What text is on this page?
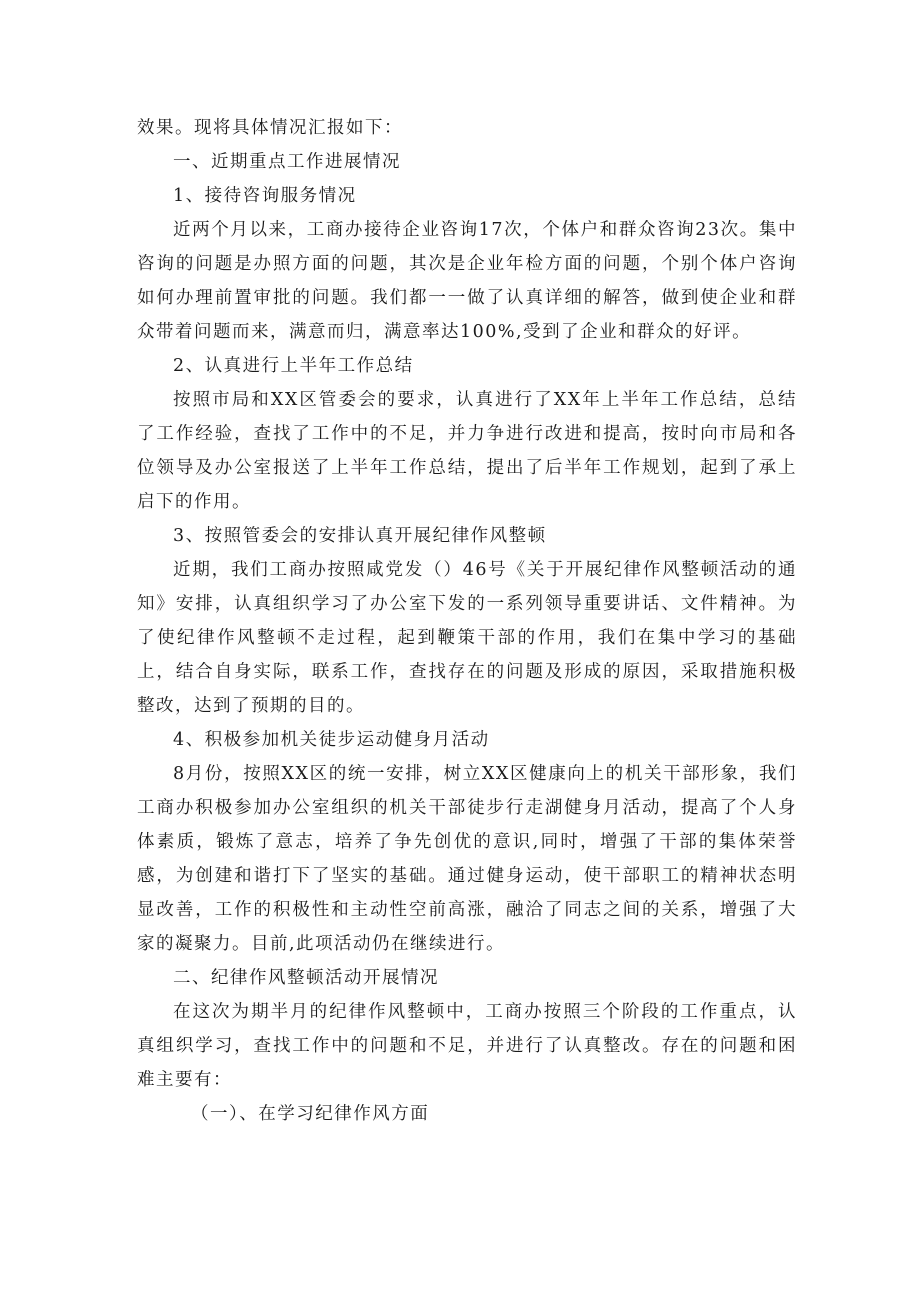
效果。现将具体情况汇报如下：

一、近期重点工作进展情况

1、接待咨询服务情况

近两个月以来，工商办接待企业咨询17次，个体户和群众咨询23次。集中咨询的问题是办照方面的问题，其次是企业年检方面的问题，个别个体户咨询如何办理前置审批的问题。我们都一一做了认真详细的解答，做到使企业和群众带着问题而来，满意而归，满意率达100%,受到了企业和群众的好评。

2、认真进行上半年工作总结

按照市局和XX区管委会的要求，认真进行了XX年上半年工作总结，总结了工作经验，查找了工作中的不足，并力争进行改进和提高，按时向市局和各位领导及办公室报送了上半年工作总结，提出了后半年工作规划，起到了承上启下的作用。

3、按照管委会的安排认真开展纪律作风整顿

近期，我们工商办按照咸党发（）46号《关于开展纪律作风整顿活动的通知》安排，认真组织学习了办公室下发的一系列领导重要讲话、文件精神。为了使纪律作风整顿不走过程，起到鞭策干部的作用，我们在集中学习的基础上，结合自身实际，联系工作，查找存在的问题及形成的原因，采取措施积极整改，达到了预期的目的。

4、积极参加机关徒步运动健身月活动

8月份，按照XX区的统一安排，树立XX区健康向上的机关干部形象，我们工商办积极参加办公室组织的机关干部徒步行走湖健身月活动，提高了个人身体素质，锻炼了意志，培养了争先创优的意识,同时，增强了干部的集体荣誉感，为创建和谐打下了坚实的基础。通过健身运动，使干部职工的精神状态明显改善，工作的积极性和主动性空前高涨，融洽了同志之间的关系，增强了大家的凝聚力。目前,此项活动仍在继续进行。

二、纪律作风整顿活动开展情况

在这次为期半月的纪律作风整顿中，工商办按照三个阶段的工作重点，认真组织学习，查找工作中的问题和不足，并进行了认真整改。存在的问题和困难主要有：

（一）、在学习纪律作风方面
